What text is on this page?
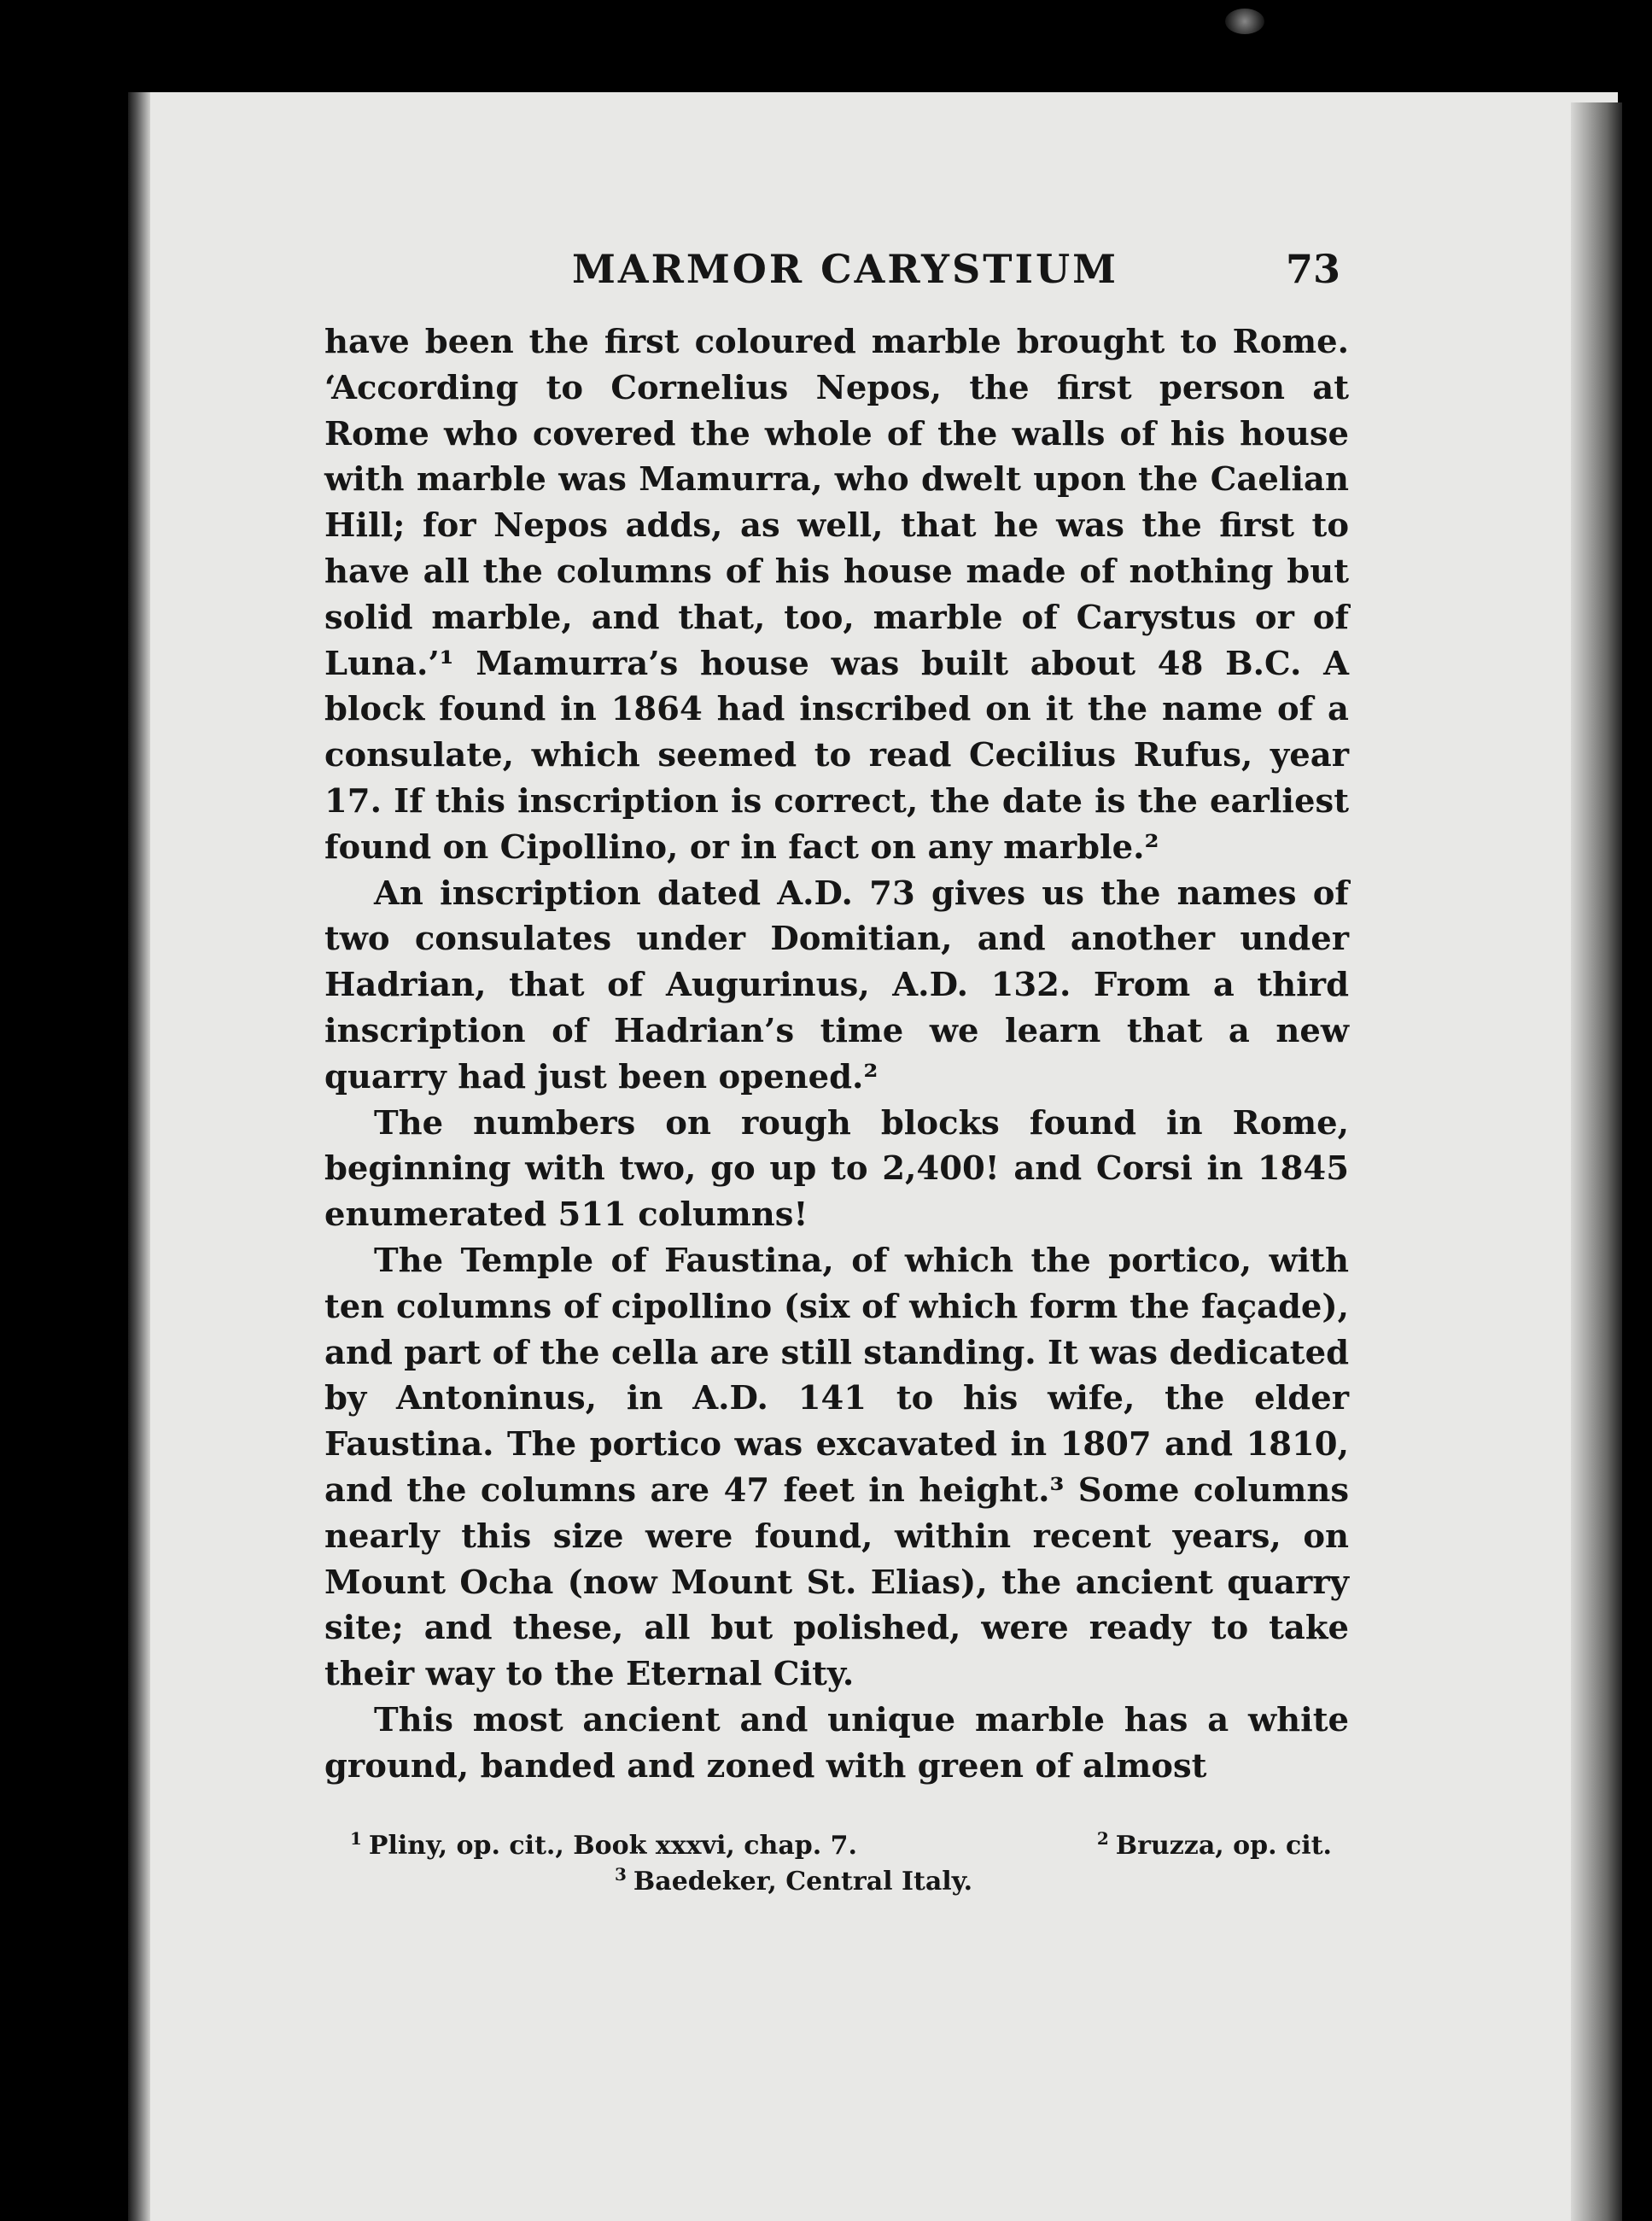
MARMOR CARYSTIUM	73

have been the first coloured marble brought to Rome. ‘According to Cornelius Nepos, the first person at Rome who covered the whole of the walls of his house with marble was Mamurra, who dwelt upon the Caelian Hill; for Nepos adds, as well, that he was the first to have all the columns of his house made of nothing but solid marble, and that, too, marble of Carystus or of Luna.’¹ Mamurra’s house was built about 48 B.C. A block found in 1864 had inscribed on it the name of a consulate, which seemed to read Cecilius Rufus, year 17. If this inscription is correct, the date is the earliest found on Cipollino, or in fact on any marble.²

An inscription dated A.D. 73 gives us the names of two consulates under Domitian, and another under Hadrian, that of Augurinus, A.D. 132. From a third inscription of Hadrian’s time we learn that a new quarry had just been opened.²

The numbers on rough blocks found in Rome, beginning with two, go up to 2,400! and Corsi in 1845 enumerated 511 columns!

The Temple of Faustina, of which the portico, with ten columns of cipollino (six of which form the façade), and part of the cella are still standing. It was dedicated by Antoninus, in A.D. 141 to his wife, the elder Faustina. The portico was excavated in 1807 and 1810, and the columns are 47 feet in height.³ Some columns nearly this size were found, within recent years, on Mount Ocha (now Mount St. Elias), the ancient quarry site; and these, all but polished, were ready to take their way to the Eternal City.

This most ancient and unique marble has a white ground, banded and zoned with green of almost

$^1$ Pliny, op. cit., Book xxxvi, chap. 7.	$^2$ Bruzza, op. cit.
$^3$ Baedeker, Central Italy.
